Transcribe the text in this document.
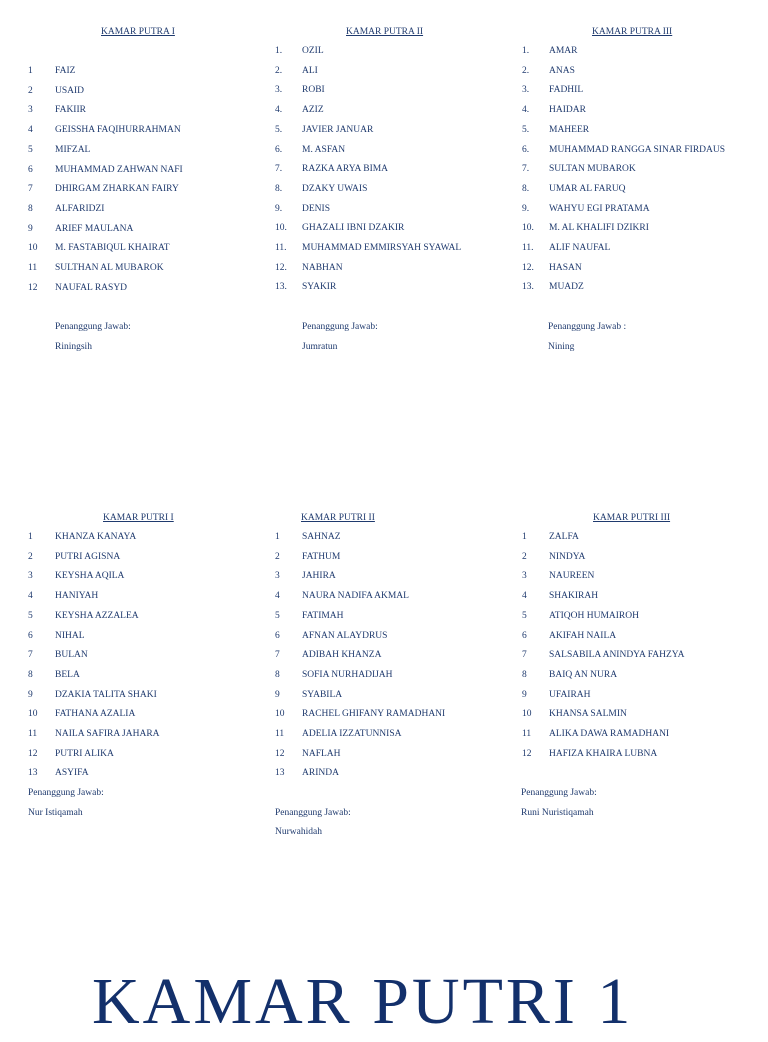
KAMAR PUTRA I
1	FAIZ
2	USAID
3	FAKIIR
4	GEISSHA FAQIHURRAHMAN
5	MIFZAL
6	MUHAMMAD ZAHWAN NAFI
7	DHIRGAM ZHARKAN FAIRY
8	ALFARIDZI
9	ARIEF MAULANA
10	M. FASTABIQUL KHAIRAT
11	SULTHAN AL MUBAROK
12	NAUFAL RASYD
Penanggung Jawab:
Riningsih
KAMAR PUTRA II
1.	OZIL
2.	ALI
3.	ROBI
4.	AZIZ
5.	JAVIER JANUAR
6.	M. ASFAN
7.	RAZKA ARYA BIMA
8.	DZAKY UWAIS
9.	DENIS
10.	GHAZALI IBNI DZAKIR
11.	MUHAMMAD EMMIRSYAH SYAWAL
12.	NABHAN
13.	SYAKIR
Penanggung Jawab:
Jumratun
KAMAR PUTRA III
1.	AMAR
2.	ANAS
3.	FADHIL
4.	HAIDAR
5.	MAHEER
6.	MUHAMMAD RANGGA SINAR FIRDAUS
7.	SULTAN MUBAROK
8.	UMAR AL FARUQ
9.	WAHYU EGI PRATAMA
10.	M. AL KHALIFI DZIKRI
11.	ALIF NAUFAL
12.	HASAN
13.	MUADZ
Penanggung Jawab :
Nining
KAMAR PUTRI I
1	KHANZA KANAYA
2	PUTRI AGISNA
3	KEYSHA AQILA
4	HANIYAH
5	KEYSHA AZZALEA
6	NIHAL
7	BULAN
8	BELA
9	DZAKIA TALITA SHAKI
10	FATHANA AZALIA
11	NAILA SAFIRA JAHARA
12	PUTRI ALIKA
13	ASYIFA
Penanggung Jawab:
Nur Istiqamah
KAMAR PUTRI II
1	SAHNAZ
2	FATHUM
3	JAHIRA
4	NAURA NADIFA AKMAL
5	FATIMAH
6	AFNAN ALAYDRUS
7	ADIBAH KHANZA
8	SOFIA NURHADIJAH
9	SYABILA
10	RACHEL GHIFANY RAMADHANI
11	ADELIA IZZATUNNISA
12	NAFLAH
13	ARINDA
Penanggung Jawab:
Nurwahidah
KAMAR PUTRI III
1	ZALFA
2	NINDYA
3	NAUREEN
4	SHAKIRAH
5	ATIQOH HUMAIROH
6	AKIFAH NAILA
7	SALSABILA ANINDYA FAHZYA
8	BAIQ AN NURA
9	UFAIRAH
10	KHANSA SALMIN
11	ALIKA DAWA RAMADHANI
12	HAFIZA KHAIRA LUBNA
Penanggung Jawab:
Runi Nuristiqamah
KAMAR PUTRI 1
